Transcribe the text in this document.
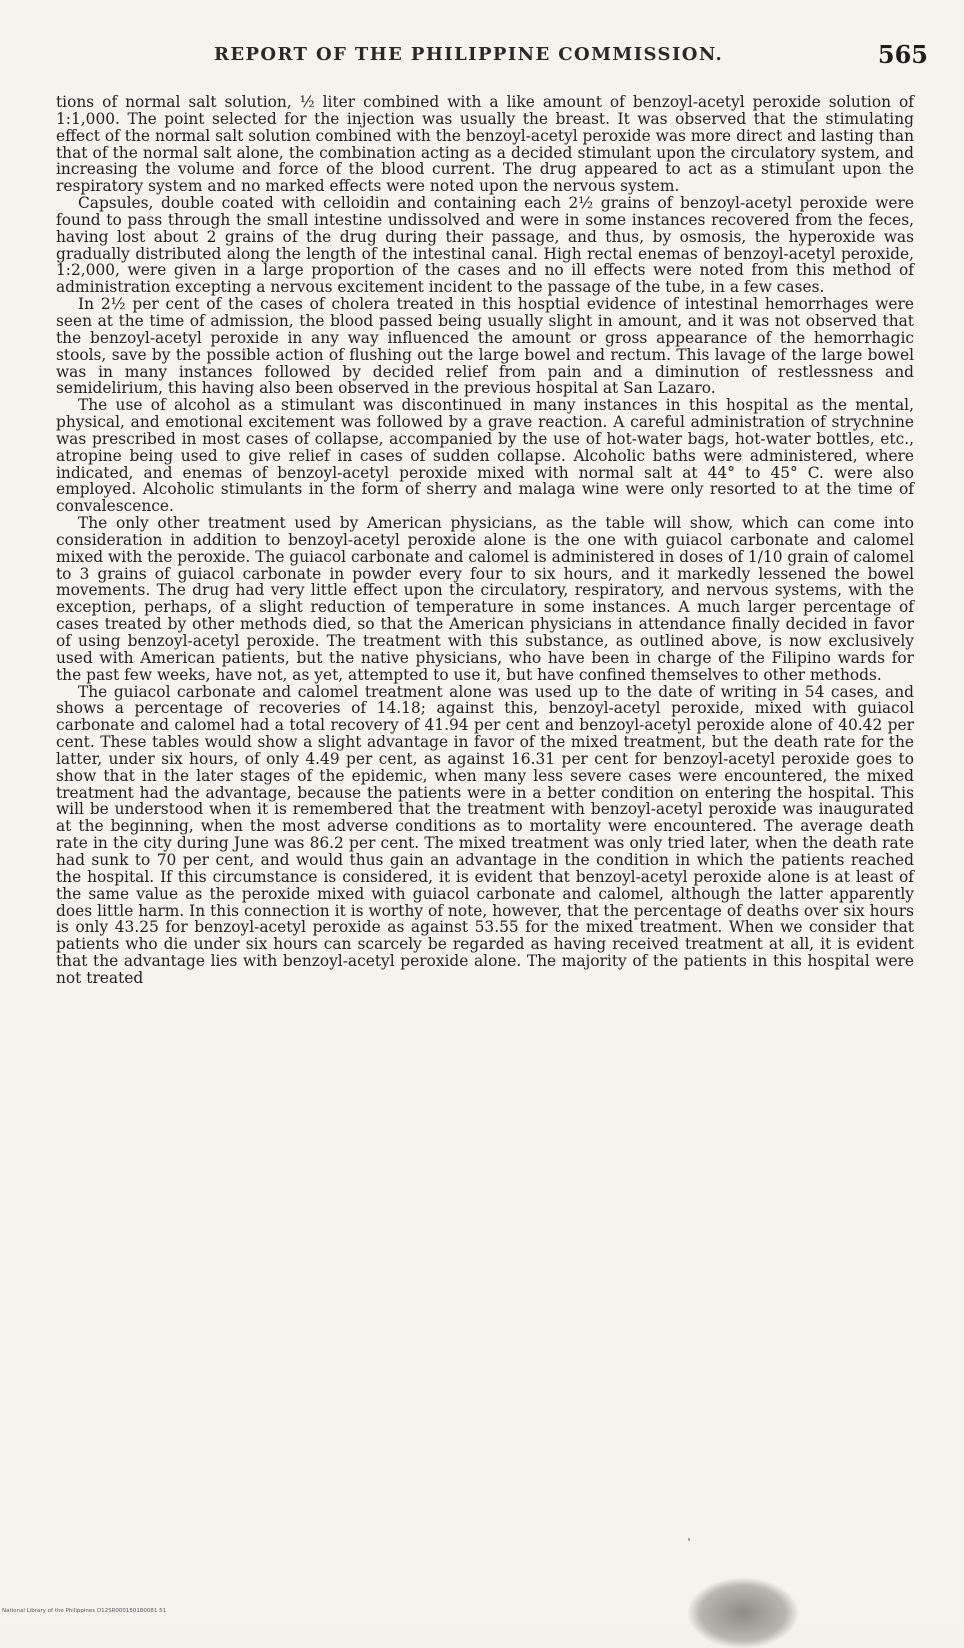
REPORT OF THE PHILIPPINE COMMISSION.	565

tions of normal salt solution, ½ liter combined with a like amount of benzoyl-acetyl peroxide solution of 1:1,000. The point selected for the injection was usually the breast. It was observed that the stimulating effect of the normal salt solution combined with the benzoyl-acetyl peroxide was more direct and lasting than that of the normal salt alone, the combination acting as a decided stimulant upon the circulatory system, and increasing the volume and force of the blood current. The drug appeared to act as a stimulant upon the respiratory system and no marked effects were noted upon the nervous system.

Capsules, double coated with celloidin and containing each 2½ grains of benzoyl-acetyl peroxide were found to pass through the small intestine undissolved and were in some instances recovered from the feces, having lost about 2 grains of the drug during their passage, and thus, by osmosis, the hyperoxide was gradually distributed along the length of the intestinal canal. High rectal enemas of benzoyl-acetyl peroxide, 1:2,000, were given in a large proportion of the cases and no ill effects were noted from this method of administration excepting a nervous excitement incident to the passage of the tube, in a few cases.

In 2½ per cent of the cases of cholera treated in this hosptial evidence of intestinal hemorrhages were seen at the time of admission, the blood passed being usually slight in amount, and it was not observed that the benzoyl-acetyl peroxide in any way influenced the amount or gross appearance of the hemorrhagic stools, save by the possible action of flushing out the large bowel and rectum. This lavage of the large bowel was in many instances followed by decided relief from pain and a diminution of restlessness and semidelirium, this having also been observed in the previous hospital at San Lazaro.

The use of alcohol as a stimulant was discontinued in many instances in this hospital as the mental, physical, and emotional excitement was followed by a grave reaction. A careful administration of strychnine was prescribed in most cases of collapse, accompanied by the use of hot-water bags, hot-water bottles, etc., atropine being used to give relief in cases of sudden collapse. Alcoholic baths were administered, where indicated, and enemas of benzoyl-acetyl peroxide mixed with normal salt at 44° to 45° C. were also employed. Alcoholic stimulants in the form of sherry and malaga wine were only resorted to at the time of convalescence.

The only other treatment used by American physicians, as the table will show, which can come into consideration in addition to benzoyl-acetyl peroxide alone is the one with guiacol carbonate and calomel mixed with the peroxide. The guiacol carbonate and calomel is administered in doses of 1/10 grain of calomel to 3 grains of guiacol carbonate in powder every four to six hours, and it markedly lessened the bowel movements. The drug had very little effect upon the circulatory, respiratory, and nervous systems, with the exception, perhaps, of a slight reduction of temperature in some instances. A much larger percentage of cases treated by other methods died, so that the American physicians in attendance finally decided in favor of using benzoyl-acetyl peroxide. The treatment with this substance, as outlined above, is now exclusively used with American patients, but the native physicians, who have been in charge of the Filipino wards for the past few weeks, have not, as yet, attempted to use it, but have confined themselves to other methods.

The guiacol carbonate and calomel treatment alone was used up to the date of writing in 54 cases, and shows a percentage of recoveries of 14.18; against this, benzoyl-acetyl peroxide, mixed with guiacol carbonate and calomel had a total recovery of 41.94 per cent and benzoyl-acetyl peroxide alone of 40.42 per cent. These tables would show a slight advantage in favor of the mixed treatment, but the death rate for the latter, under six hours, of only 4.49 per cent, as against 16.31 per cent for benzoyl-acetyl peroxide goes to show that in the later stages of the epidemic, when many less severe cases were encountered, the mixed treatment had the advantage, because the patients were in a better condition on entering the hospital. This will be understood when it is remembered that the treatment with benzoyl-acetyl peroxide was inaugurated at the beginning, when the most adverse conditions as to mortality were encountered. The average death rate in the city during June was 86.2 per cent. The mixed treatment was only tried later, when the death rate had sunk to 70 per cent, and would thus gain an advantage in the condition in which the patients reached the hospital. If this circumstance is considered, it is evident that benzoyl-acetyl peroxide alone is at least of the same value as the peroxide mixed with guiacol carbonate and calomel, although the latter apparently does little harm. In this connection it is worthy of note, however, that the percentage of deaths over six hours is only 43.25 for benzoyl-acetyl peroxide as against 53.55 for the mixed treatment. When we consider that patients who die under six hours can scarcely be regarded as having received treatment at all, it is evident that the advantage lies with benzoyl-acetyl peroxide alone. The majority of the patients in this hospital were not treated

National Library of the Philippines D12SR000150180081 51
